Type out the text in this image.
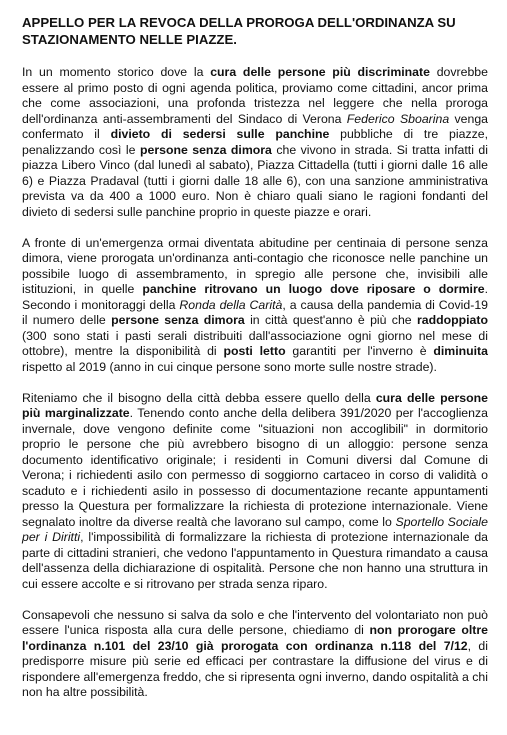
APPELLO PER LA REVOCA DELLA PROROGA DELL'ORDINANZA SU STAZIONAMENTO NELLE PIAZZE.
In un momento storico dove la cura delle persone più discriminate dovrebbe essere al primo posto di ogni agenda politica, proviamo come cittadini, ancor prima che come associazioni, una profonda tristezza nel leggere che nella proroga dell'ordinanza anti-assembramenti del Sindaco di Verona Federico Sboarina venga confermato il divieto di sedersi sulle panchine pubbliche di tre piazze, penalizzando così le persone senza dimora che vivono in strada. Si tratta infatti di piazza Libero Vinco (dal lunedì al sabato), Piazza Cittadella (tutti i giorni dalle 16 alle 6) e Piazza Pradaval (tutti i giorni dalle 18 alle 6), con una sanzione amministrativa prevista va da 400 a 1000 euro. Non è chiaro quali siano le ragioni fondanti del divieto di sedersi sulle panchine proprio in queste piazze e orari.
A fronte di un'emergenza ormai diventata abitudine per centinaia di persone senza dimora, viene prorogata un'ordinanza anti-contagio che riconosce nelle panchine un possibile luogo di assembramento, in spregio alle persone che, invisibili alle istituzioni, in quelle panchine ritrovano un luogo dove riposare o dormire. Secondo i monitoraggi della Ronda della Carità, a causa della pandemia di Covid-19 il numero delle persone senza dimora in città quest'anno è più che raddoppiato (300 sono stati i pasti serali distribuiti dall'associazione ogni giorno nel mese di ottobre), mentre la disponibilità di posti letto garantiti per l'inverno è diminuita rispetto al 2019 (anno in cui cinque persone sono morte sulle nostre strade).
Riteniamo che il bisogno della città debba essere quello della cura delle persone più marginalizzate. Tenendo conto anche della delibera 391/2020 per l'accoglienza invernale, dove vengono definite come "situazioni non accoglibili" in dormitorio proprio le persone che più avrebbero bisogno di un alloggio: persone senza documento identificativo originale; i residenti in Comuni diversi dal Comune di Verona; i richiedenti asilo con permesso di soggiorno cartaceo in corso di validità o scaduto e i richiedenti asilo in possesso di documentazione recante appuntamenti presso la Questura per formalizzare la richiesta di protezione internazionale. Viene segnalato inoltre da diverse realtà che lavorano sul campo, come lo Sportello Sociale per i Diritti, l'impossibilità di formalizzare la richiesta di protezione internazionale da parte di cittadini stranieri, che vedono l'appuntamento in Questura rimandato a causa dell'assenza della dichiarazione di ospitalità. Persone che non hanno una struttura in cui essere accolte e si ritrovano per strada senza riparo.
Consapevoli che nessuno si salva da solo e che l'intervento del volontariato non può essere l'unica risposta alla cura delle persone, chiediamo di non prorogare oltre l'ordinanza n.101 del 23/10 già prorogata con ordinanza n.118 del 7/12, di predisporre misure più serie ed efficaci per contrastare la diffusione del virus e di rispondere all'emergenza freddo, che si ripresenta ogni inverno, dando ospitalità a chi non ha altre possibilità.
